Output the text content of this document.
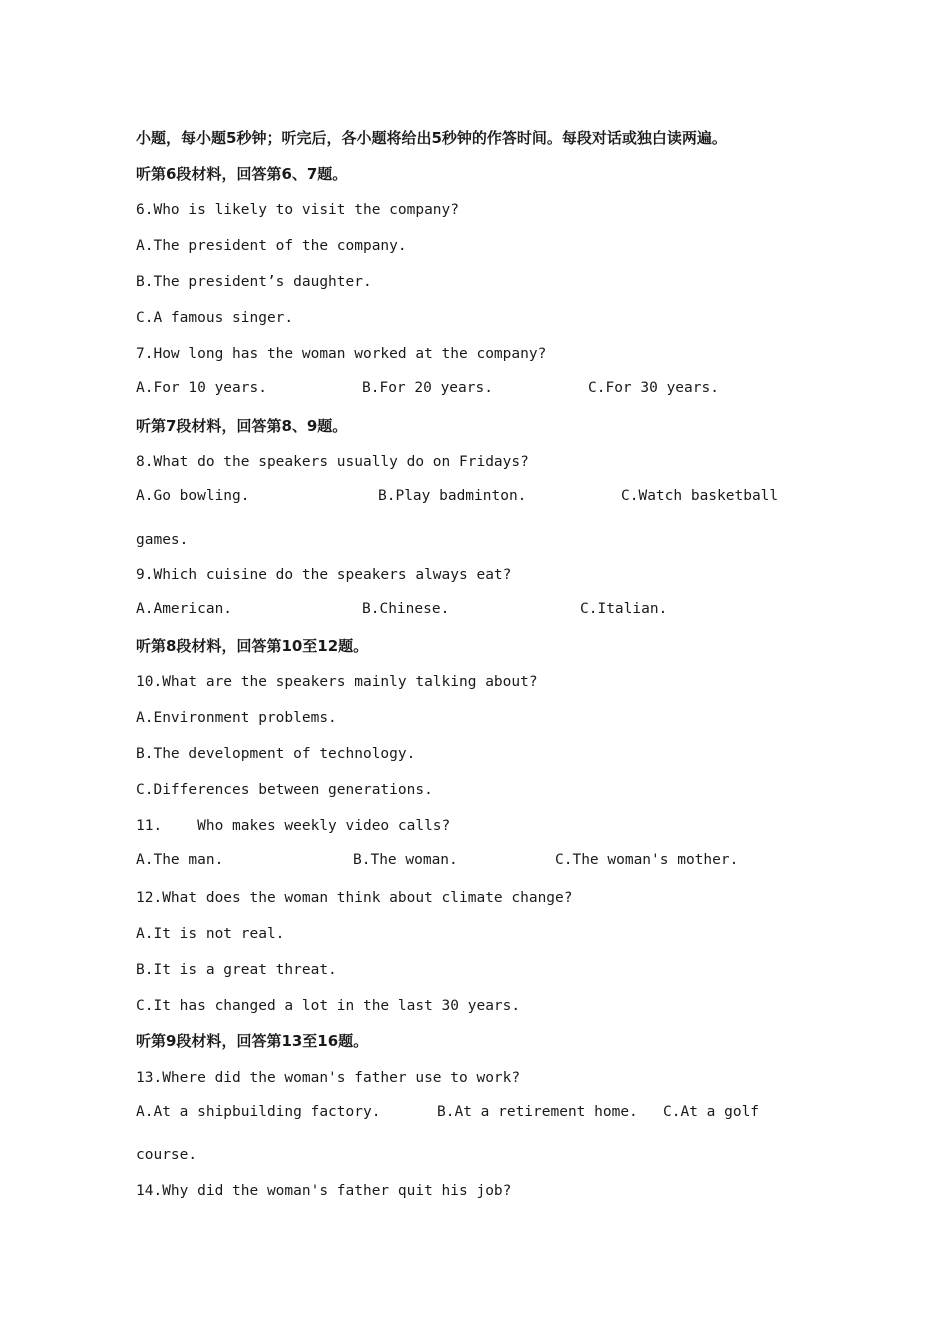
小题，每小题5秒钟；听完后，各小题将给出5秒钟的作答时间。每段对话或独白读两遍。
听第6段材料，回答第6、7题。
6.Who is likely to visit the company?
A.The president of the company.
B.The president’s daughter.
C.A famous singer.
7.How long has the woman worked at the company?
A.For 10 years.	B.For 20 years.	C.For 30 years.
听第7段材料，回答第8、9题。
8.What do the speakers usually do on Fridays?
A.Go bowling.	B.Play badminton.	C.Watch basketball
games.
9.Which cuisine do the speakers always eat?
A.American.	B.Chinese.	C.Italian.
听第8段材料，回答第10至12题。
10.What are the speakers mainly talking about?
A.Environment problems.
B.The development of technology.
C.Differences between generations.
11.    Who makes weekly video calls?
A.The man.	B.The woman.	C.The woman's mother.
12.What does the woman think about climate change?
A.It is not real.
B.It is a great threat.
C.It has changed a lot in the last 30 years.
听第9段材料，回答第13至16题。
13.Where did the woman's father use to work?
A.At a shipbuilding factory.	B.At a retirement home. C.At a golf
course.
14.Why did the woman's father quit his job?
